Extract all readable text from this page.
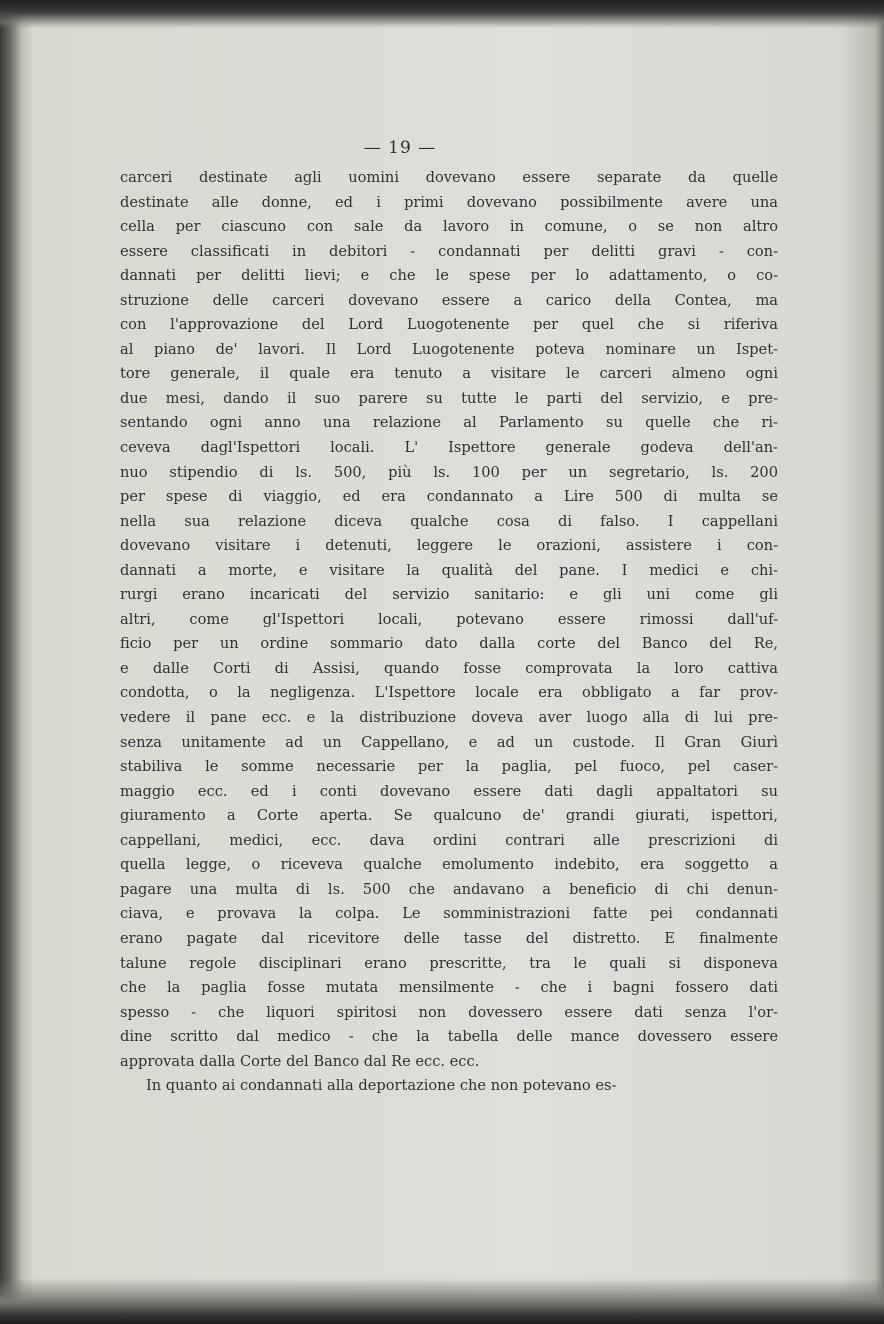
— 19 —
carceri destinate agli uomini dovevano essere separate da quelle
destinate alle donne, ed i primi dovevano possibilmente avere una
cella per ciascuno con sale da lavoro in comune, o se non altro
essere classificati in debitori - condannati per delitti gravi - con-
dannati per delitti lievi; e che le spese per lo adattamento, o co-
struzione delle carceri dovevano essere a carico della Contea, ma
con l'approvazione del Lord Luogotenente per quel che si riferiva
al piano de' lavori. Il Lord Luogotenente poteva nominare un Ispet-
tore generale, il quale era tenuto a visitare le carceri almeno ogni
due mesi, dando il suo parere su tutte le parti del servizio, e pre-
sentando ogni anno una relazione al Parlamento su quelle che ri-
ceveva dagl'Ispettori locali. L' Ispettore generale godeva dell'an-
nuo stipendio di ls. 500, più ls. 100 per un segretario, ls. 200
per spese di viaggio, ed era condannato a Lire 500 di multa se
nella sua relazione diceva qualche cosa di falso. I cappellani
dovevano visitare i detenuti, leggere le orazioni, assistere i con-
dannati a morte, e visitare la qualità del pane. I medici e chi-
rurgi erano incaricati del servizio sanitario: e gli uni come gli
altri, come gl'Ispettori locali, potevano essere rimossi dall'uf-
ficio per un ordine sommario dato dalla corte del Banco del Re,
e dalle Corti di Assisi, quando fosse comprovata la loro cattiva
condotta, o la negligenza. L'Ispettore locale era obbligato a far prov-
vedere il pane ecc. e la distribuzione doveva aver luogo alla di lui pre-
senza unitamente ad un Cappellano, e ad un custode. Il Gran Giurì
stabiliva le somme necessarie per la paglia, pel fuoco, pel caser-
maggio ecc. ed i conti dovevano essere dati dagli appaltatori su
giuramento a Corte aperta. Se qualcuno de' grandi giurati, ispettori,
cappellani, medici, ecc. dava ordini contrari alle prescrizioni di
quella legge, o riceveva qualche emolumento indebito, era soggetto a
pagare una multa di ls. 500 che andavano a beneficio di chi denun-
ciava, e provava la colpa. Le somministrazioni fatte pei condannati
erano pagate dal ricevitore delle tasse del distretto. E finalmente
talune regole disciplinari erano prescritte, tra le quali si disponeva
che la paglia fosse mutata mensilmente - che i bagni fossero dati
spesso - che liquori spiritosi non dovessero essere dati senza l'or-
dine scritto dal medico - che la tabella delle mance dovessero essere
approvata dalla Corte del Banco dal Re ecc. ecc.
In quanto ai condannati alla deportazione che non potevano es-
